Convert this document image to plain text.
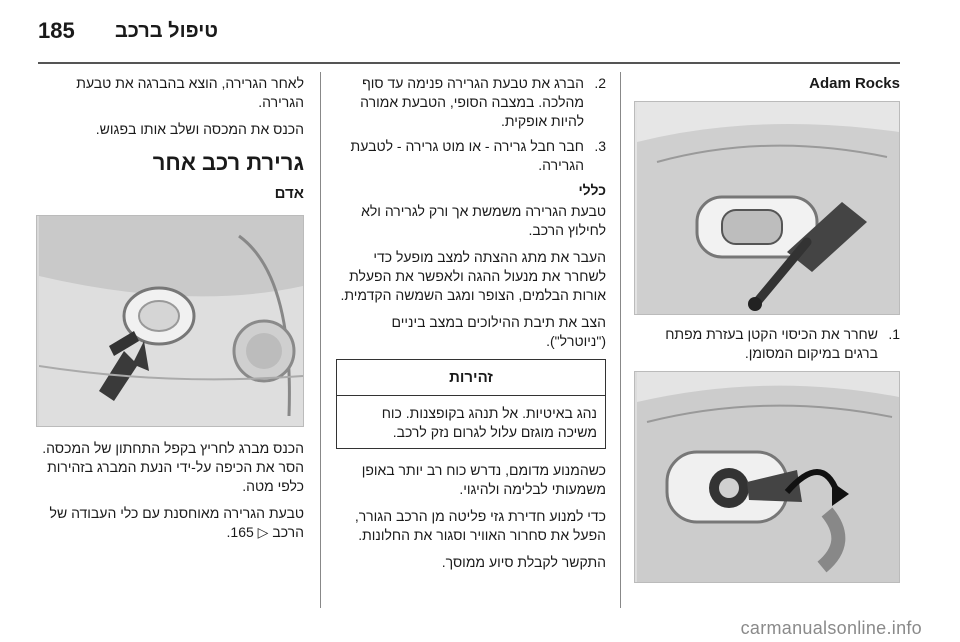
185 טיפול ברכב
Adam Rocks
1.
שחרר את הכיסוי הקטן בעזרת מפתח ברגים במיקום המסומן.
2.
הברג את טבעת הגרירה פנימה עד סוף מהלכה. במצבה הסופי, הטבעת אמורה להיות אופקית.
3.
חבר חבל גרירה - או מוט גרירה - לטבעת הגרירה.
כללי

טבעת הגרירה משמשת אך ורק לגרירה ולא לחילוץ הרכב.

העבר את מתג ההצתה למצב מופעל כדי לשחרר את מנעול ההגה ולאפשר את הפעלת אורות הבלמים, הצופר ומגב השמשה הקדמית.

הצב את תיבת ההילוכים במצב ביניים ("ניוטרל").

זהירות
נהג באיטיות. אל תנהג בקופצנות. כוח משיכה מוגזם עלול לגרום נזק לרכב.

כשהמנוע מדומם, נדרש כוח רב יותר באופן משמעותי לבלימה ולהיגוי.

כדי למנוע חדירת גזי פליטה מן הרכב הגורר, הפעל את סחרור האוויר וסגור את החלונות.

התקשר לקבלת סיוע ממוסך.

לאחר הגרירה, הוצא בהברגה את טבעת הגרירה.

הכנס את המכסה ושלב אותו בפגוש.

גרירת רכב אחר
אדם

הכנס מברג לחריץ בקפל התחתון של המכסה. הסר את הכיפה על-ידי הנעת המברג בזהירות כלפי מטה.

טבעת הגרירה מאוחסנת עם כלי העבודה של הרכב ▷ 165.

carmanualsonline.info
